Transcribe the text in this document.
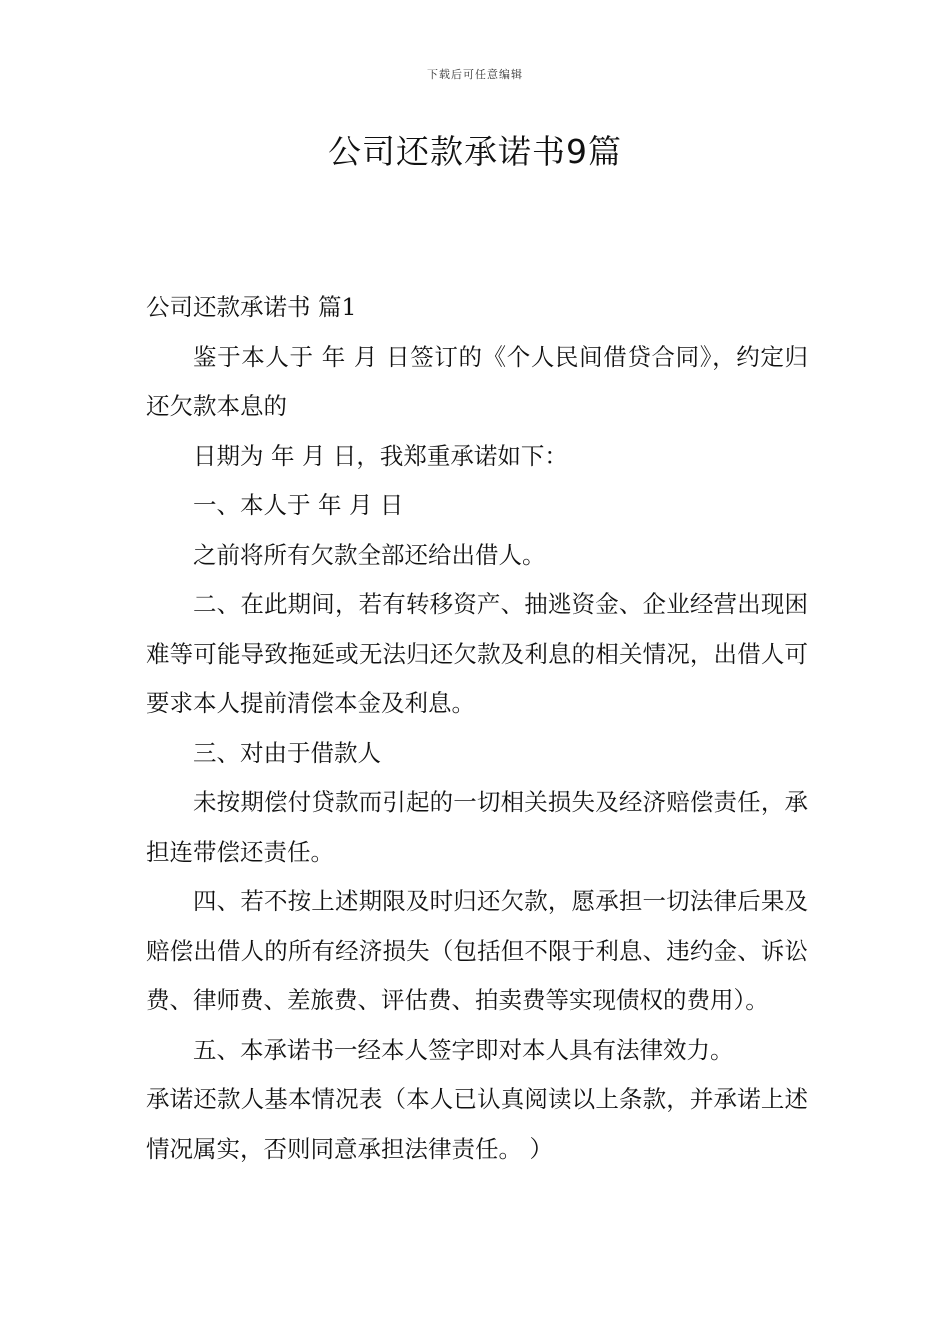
下载后可任意编辑
公司还款承诺书9篇

公司还款承诺书 篇1

鉴于本人于 年 月 日签订的《个人民间借贷合同》，约定归还欠款本息的

日期为 年 月 日，我郑重承诺如下：

一、本人于 年 月 日

之前将所有欠款全部还给出借人。

二、在此期间，若有转移资产、抽逃资金、企业经营出现困难等可能导致拖延或无法归还欠款及利息的相关情况，出借人可要求本人提前清偿本金及利息。

三、对由于借款人

未按期偿付贷款而引起的一切相关损失及经济赔偿责任，承担连带偿还责任。

四、若不按上述期限及时归还欠款，愿承担一切法律后果及赔偿出借人的所有经济损失（包括但不限于利息、违约金、诉讼费、律师费、差旅费、评估费、拍卖费等实现债权的费用）。

五、本承诺书一经本人签字即对本人具有法律效力。

承诺还款人基本情况表（本人已认真阅读以上条款，并承诺上述情况属实，否则同意承担法律责任。 ）
